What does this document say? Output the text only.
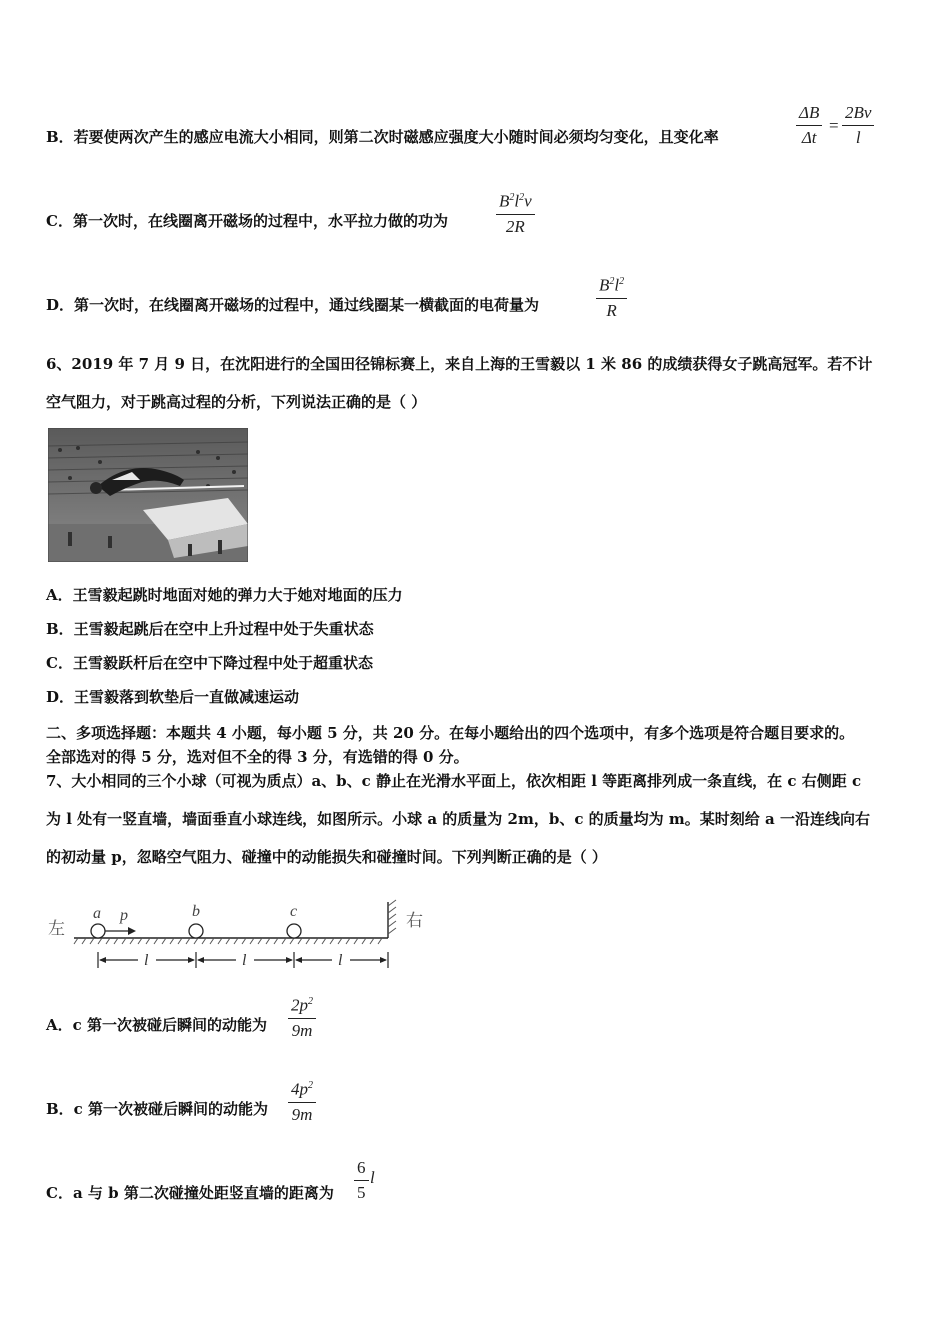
B．若要使两次产生的感应电流大小相同，则第二次时磁感应强度大小随时间必须均匀变化，且变化率	$\frac{\Delta B}{\Delta t} = \frac{2Bv}{l}$
C．第一次时，在线圈离开磁场的过程中，水平拉力做的功为	$\frac{B^2l^2v}{2R}$
D．第一次时，在线圈离开磁场的过程中，通过线圈某一横截面的电荷量为	$\frac{B^2l^2}{R}$
6、2019 年 7 月 9 日，在沈阳进行的全国田径锦标赛上，来自上海的王雪毅以 1 米 86 的成绩获得女子跳高冠军。若不计
空气阻力，对于跳高过程的分析，下列说法正确的是（ ）
A．王雪毅起跳时地面对她的弹力大于她对地面的压力
B．王雪毅起跳后在空中上升过程中处于失重状态
C．王雪毅跃杆后在空中下降过程中处于超重状态
D．王雪毅落到软垫后一直做减速运动
二、多项选择题：本题共 4 小题，每小题 5 分，共 20 分。在每小题给出的四个选项中，有多个选项是符合题目要求的。
全部选对的得 5 分，选对但不全的得 3 分，有选错的得 0 分。
7、大小相同的三个小球（可视为质点）a、b、c 静止在光滑水平面上，依次相距 l 等距离排列成一条直线，在 c 右侧距 c
为 l 处有一竖直墙，墙面垂直小球连线，如图所示。小球 a 的质量为 2m，b、c 的质量均为 m。某时刻给 a 一沿连线向右
的初动量 p，忽略空气阻力、碰撞中的动能损失和碰撞时间。下列判断正确的是（ ）
左	右
a p	b	c
l	l	l
A．c 第一次被碰后瞬间的动能为	$\frac{2p^2}{9m}$
B．c 第一次被碰后瞬间的动能为	$\frac{4p^2}{9m}$
C．a 与 b 第二次碰撞处距竖直墙的距离为	$\frac{6}{5}$ l
